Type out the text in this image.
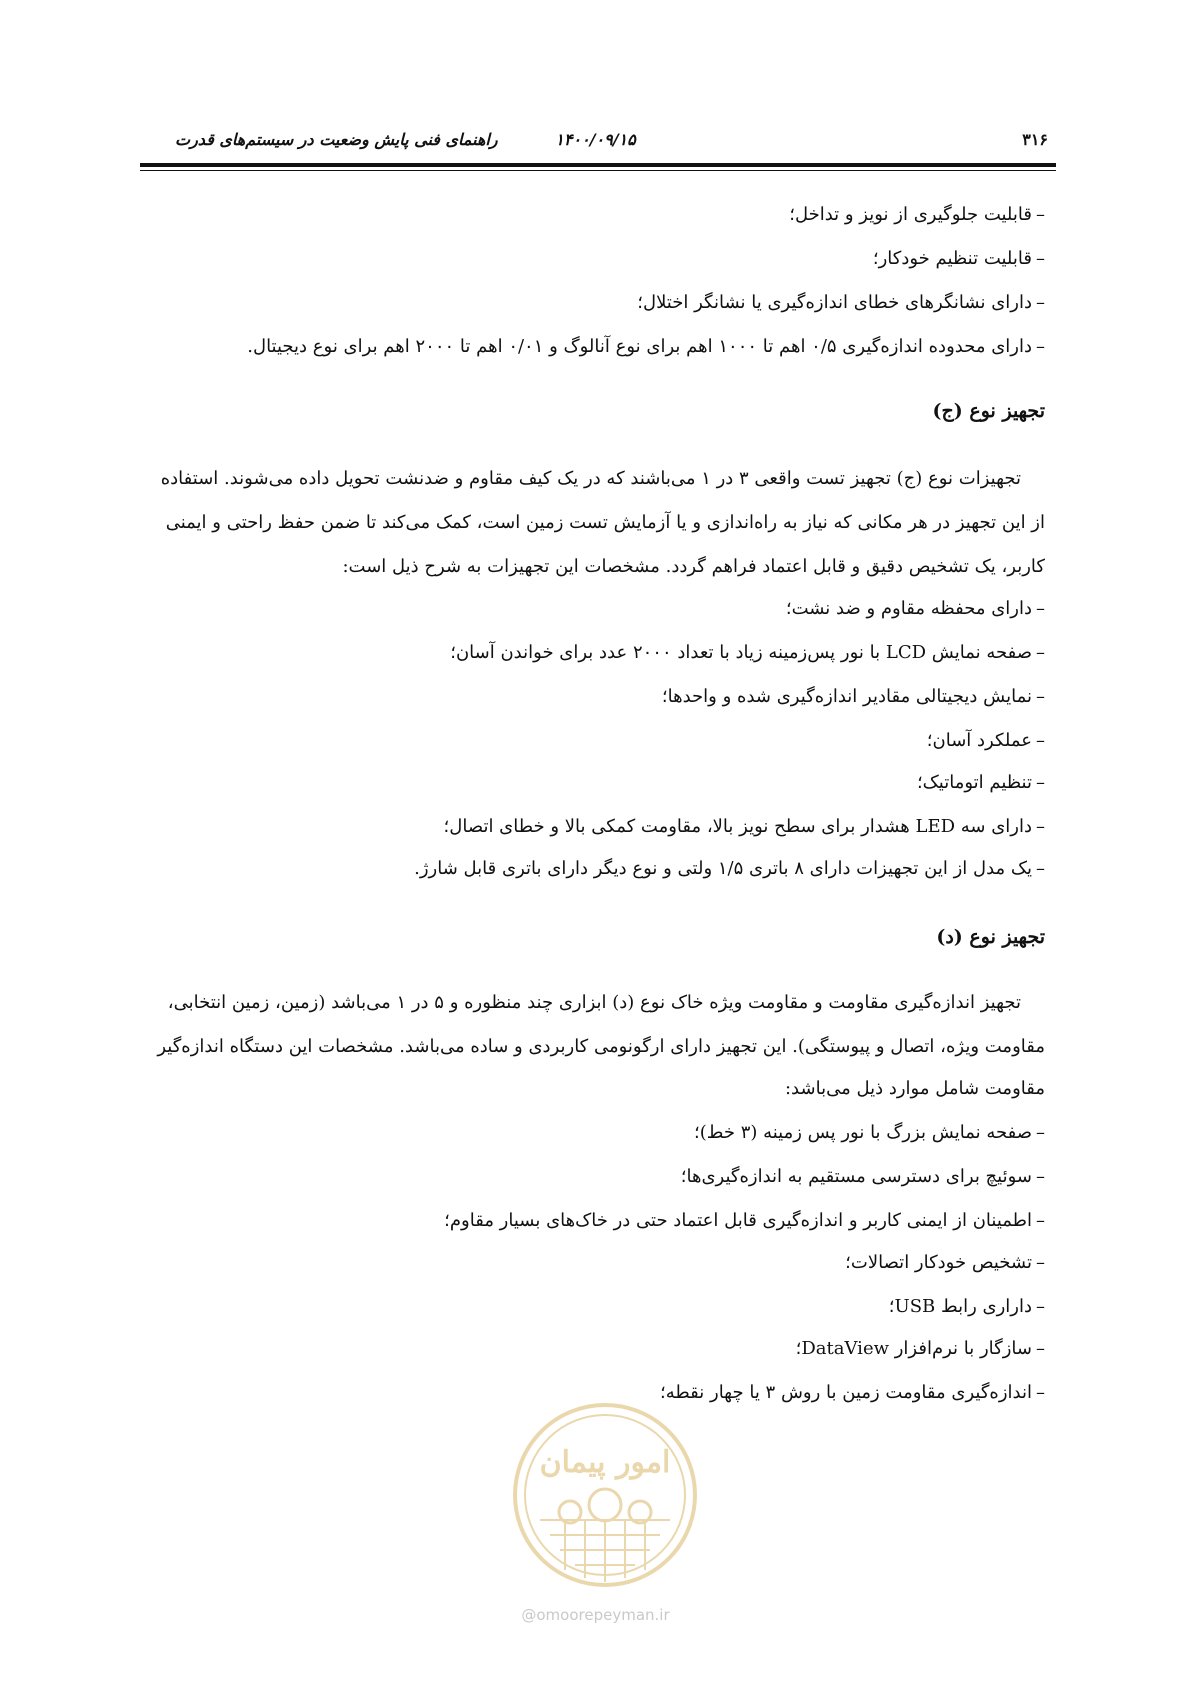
۳۱۶
۱۴۰۰/۰۹/۱۵
راهنمای فنی پایش وضعیت در سیستم‌های قدرت
–قابلیت جلوگیری از نویز و تداخل؛
–قابلیت تنظیم خودکار؛
–دارای نشانگرهای خطای اندازه‌گیری یا نشانگر اختلال؛
–دارای محدوده اندازه‌گیری ۰/۵ اهم تا ۱۰۰۰ اهم برای نوع آنالوگ و ۰/۰۱ اهم تا ۲۰۰۰ اهم برای نوع دیجیتال.
تجهیز نوع (ج)
تجهیزات نوع (ج) تجهیز تست واقعی ۳ در ۱ می‌باشند که در یک کیف مقاوم و ضدنشت تحویل داده می‌شوند. استفاده
از این تجهیز در هر مکانی که نیاز به راه‌اندازی و یا آزمایش تست زمین است، کمک می‌کند تا ضمن حفظ راحتی و ایمنی
کاربر، یک تشخیص دقیق و قابل اعتماد فراهم گردد. مشخصات این تجهیزات به شرح ذیل است:
–دارای محفظه مقاوم و ضد نشت؛
–صفحه نمایش LCD با نور پس‌زمینه زیاد با تعداد ۲۰۰۰ عدد برای خواندن آسان؛
–نمایش دیجیتالی مقادیر اندازه‌گیری شده و واحدها؛
–عملکرد آسان؛
–تنظیم اتوماتیک؛
–دارای سه LED هشدار برای سطح نویز بالا، مقاومت کمکی بالا و خطای اتصال؛
–یک مدل از این تجهیزات دارای ۸ باتری ۱/۵ ولتی و نوع دیگر دارای باتری قابل شارژ.
تجهیز نوع (د)
تجهیز اندازه‌گیری مقاومت و مقاومت ویژه خاک نوع (د) ابزاری چند منظوره و ۵ در ۱ می‌باشد (زمین، زمین انتخابی،
مقاومت ویژه، اتصال و پیوستگی). این تجهیز دارای ارگونومی کاربردی و ساده می‌باشد. مشخصات این دستگاه اندازه‌گیر
مقاومت شامل موارد ذیل می‌باشد:
–صفحه نمایش بزرگ با نور پس زمینه (۳ خط)؛
–سوئیچ برای دسترسی مستقیم به اندازه‌گیری‌ها؛
–اطمینان از ایمنی کاربر و اندازه‌گیری قابل اعتماد حتی در خاک‌های بسیار مقاوم؛
–تشخیص خودکار اتصالات؛
–داراری رابط USB؛
–سازگار با نرم‌افزار DataView؛
–اندازه‌گیری مقاومت زمین با روش ۳ یا چهار نقطه؛
امور پیمان
@omoorepeyman.ir
